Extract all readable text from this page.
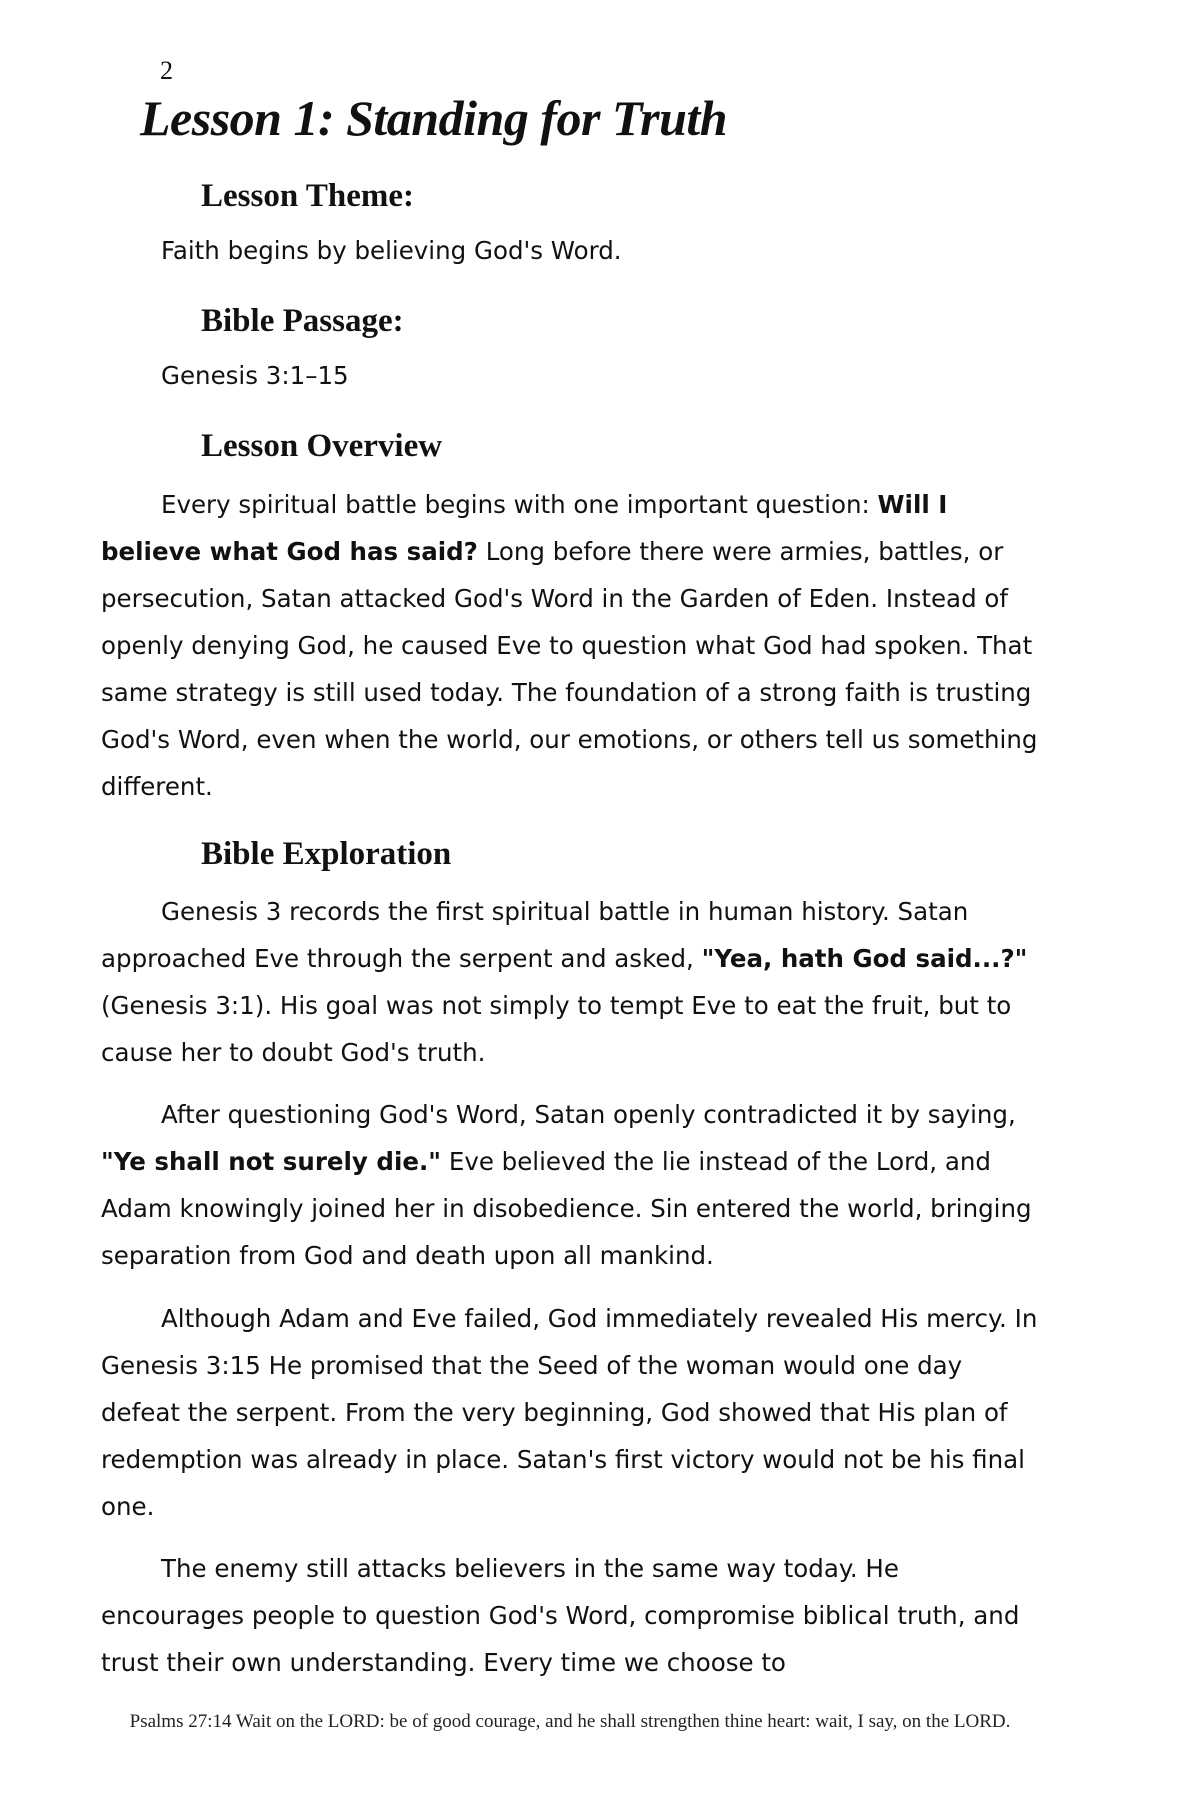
2
Lesson 1: Standing for Truth
Lesson Theme:

Faith begins by believing God's Word.

Bible Passage:

Genesis 3:1–15

Lesson Overview

Every spiritual battle begins with one important question: Will I believe what God has said? Long before there were armies, battles, or persecution, Satan attacked God's Word in the Garden of Eden. Instead of openly denying God, he caused Eve to question what God had spoken. That same strategy is still used today. The foundation of a strong faith is trusting God's Word, even when the world, our emotions, or others tell us something different.

Bible Exploration

Genesis 3 records the first spiritual battle in human history. Satan approached Eve through the serpent and asked, "Yea, hath God said...?" (Genesis 3:1). His goal was not simply to tempt Eve to eat the fruit, but to cause her to doubt God's truth.

After questioning God's Word, Satan openly contradicted it by saying, "Ye shall not surely die." Eve believed the lie instead of the Lord, and Adam knowingly joined her in disobedience. Sin entered the world, bringing separation from God and death upon all mankind.

Although Adam and Eve failed, God immediately revealed His mercy. In Genesis 3:15 He promised that the Seed of the woman would one day defeat the serpent. From the very beginning, God showed that His plan of redemption was already in place. Satan's first victory would not be his final one.

The enemy still attacks believers in the same way today. He encourages people to question God's Word, compromise biblical truth, and trust their own understanding. Every time we choose to

Psalms 27:14 Wait on the LORD: be of good courage, and he shall strengthen thine heart: wait, I say, on the LORD.
